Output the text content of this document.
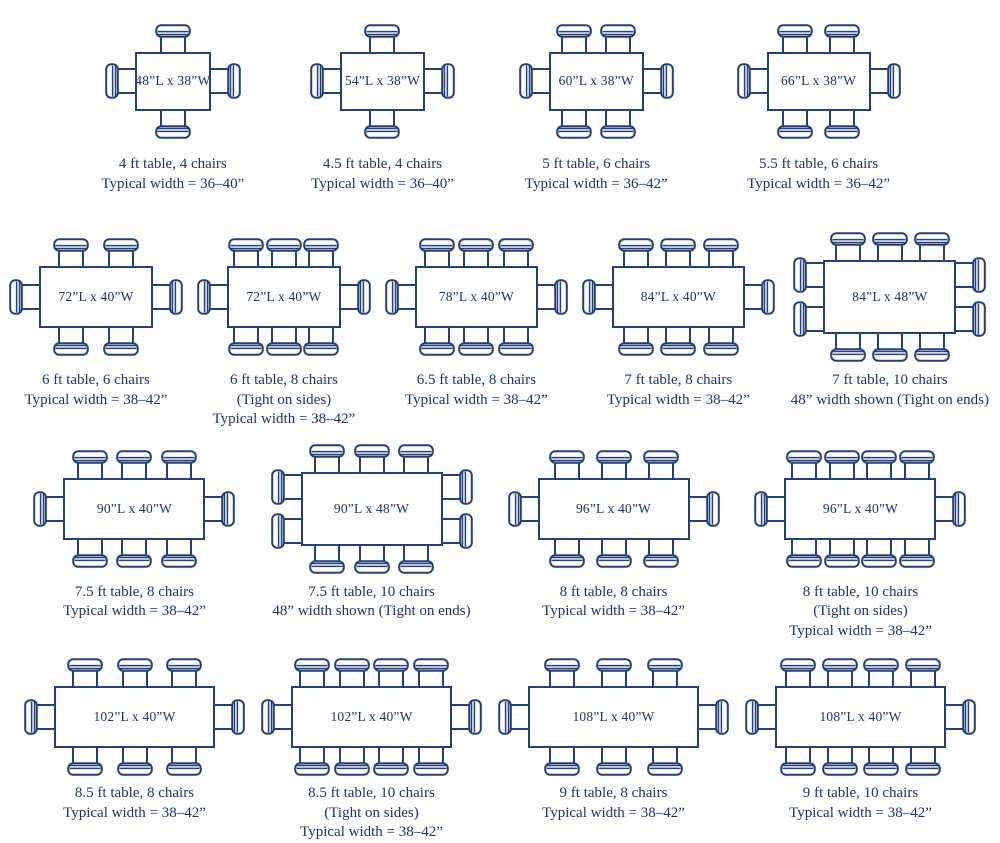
48”L x 38”W
4 ft table, 4 chairs
Typical width = 36–40”
54”L x 38”W
4.5 ft table, 4 chairs
Typical width = 36–40”
60”L x 38”W
5 ft table, 6 chairs
Typical width = 36–42”
66”L x 38”W
5.5 ft table, 6 chairs
Typical width = 36–42”
72”L x 40”W
6 ft table, 6 chairs
Typical width = 38–42”
72”L x 40”W
6 ft table, 8 chairs
(Tight on sides)
Typical width = 38–42”
78”L x 40”W
6.5 ft table, 8 chairs
Typical width = 38–42”
84”L x 40”W
7 ft table, 8 chairs
Typical width = 38–42”
84”L x 48”W
7 ft table, 10 chairs
48” width shown (Tight on ends)
90”L x 40”W
7.5 ft table, 8 chairs
Typical width = 38–42”
90”L x 48”W
7.5 ft table, 10 chairs
48” width shown (Tight on ends)
96”L x 40”W
8 ft table, 8 chairs
Typical width = 38–42”
96”L x 40”W
8 ft table, 10 chairs
(Tight on sides)
Typical width = 38–42”
102”L x 40”W
8.5 ft table, 8 chairs
Typical width = 38–42”
102”L x 40”W
8.5 ft table, 10 chairs
(Tight on sides)
Typical width = 38–42”
108”L x 40”W
9 ft table, 8 chairs
Typical width = 38–42”
108”L x 40”W
9 ft table, 10 chairs
Typical width = 38–42”
